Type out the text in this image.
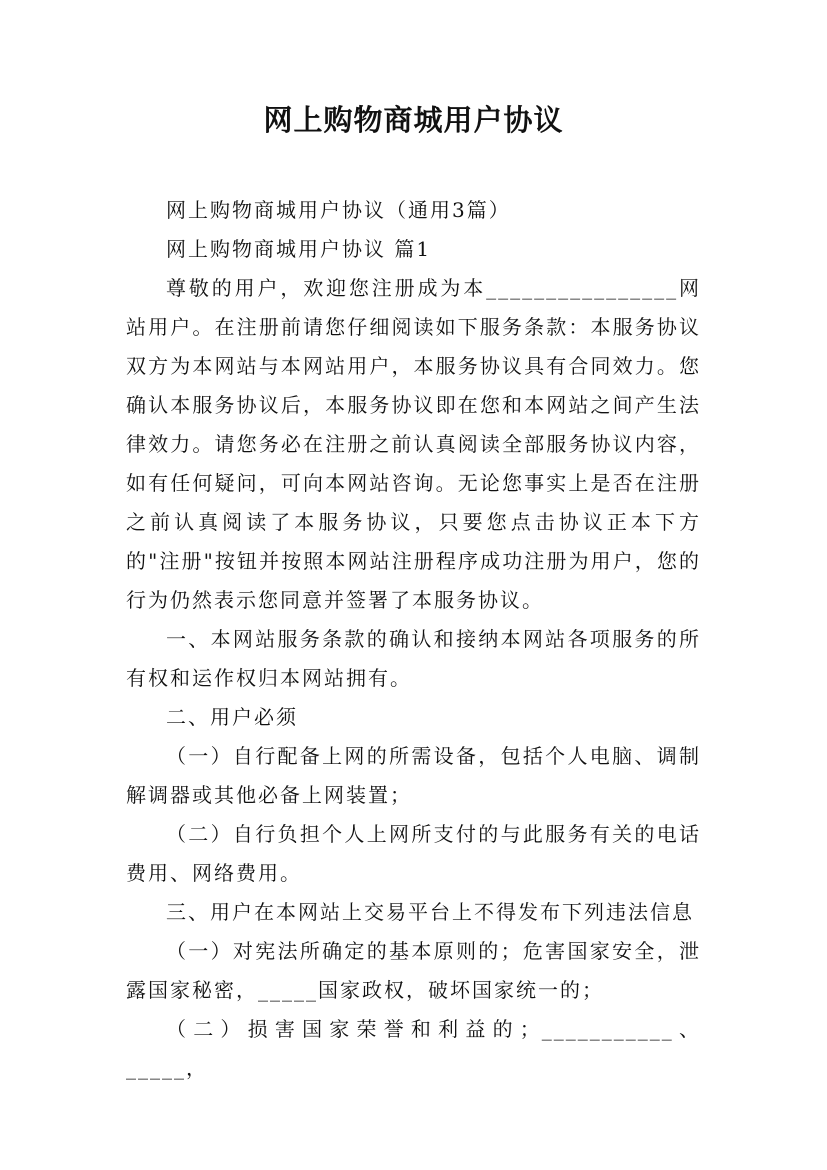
网上购物商城用户协议

网上购物商城用户协议（通用3篇）

网上购物商城用户协议 篇1

尊敬的用户，欢迎您注册成为本________________网站用户。在注册前请您仔细阅读如下服务条款：本服务协议双方为本网站与本网站用户，本服务协议具有合同效力。您确认本服务协议后，本服务协议即在您和本网站之间产生法律效力。请您务必在注册之前认真阅读全部服务协议内容，如有任何疑问，可向本网站咨询。无论您事实上是否在注册之前认真阅读了本服务协议，只要您点击协议正本下方的"注册"按钮并按照本网站注册程序成功注册为用户，您的行为仍然表示您同意并签署了本服务协议。

一、本网站服务条款的确认和接纳本网站各项服务的所有权和运作权归本网站拥有。

二、用户必须

（一）自行配备上网的所需设备，包括个人电脑、调制解调器或其他必备上网装置；

（二）自行负担个人上网所支付的与此服务有关的电话费用、网络费用。

三、用户在本网站上交易平台上不得发布下列违法信息

（一）对宪法所确定的基本原则的；危害国家安全，泄露国家秘密，_____国家政权，破坏国家统一的；

（二）损害国家荣誉和利益的；___________、_____，
